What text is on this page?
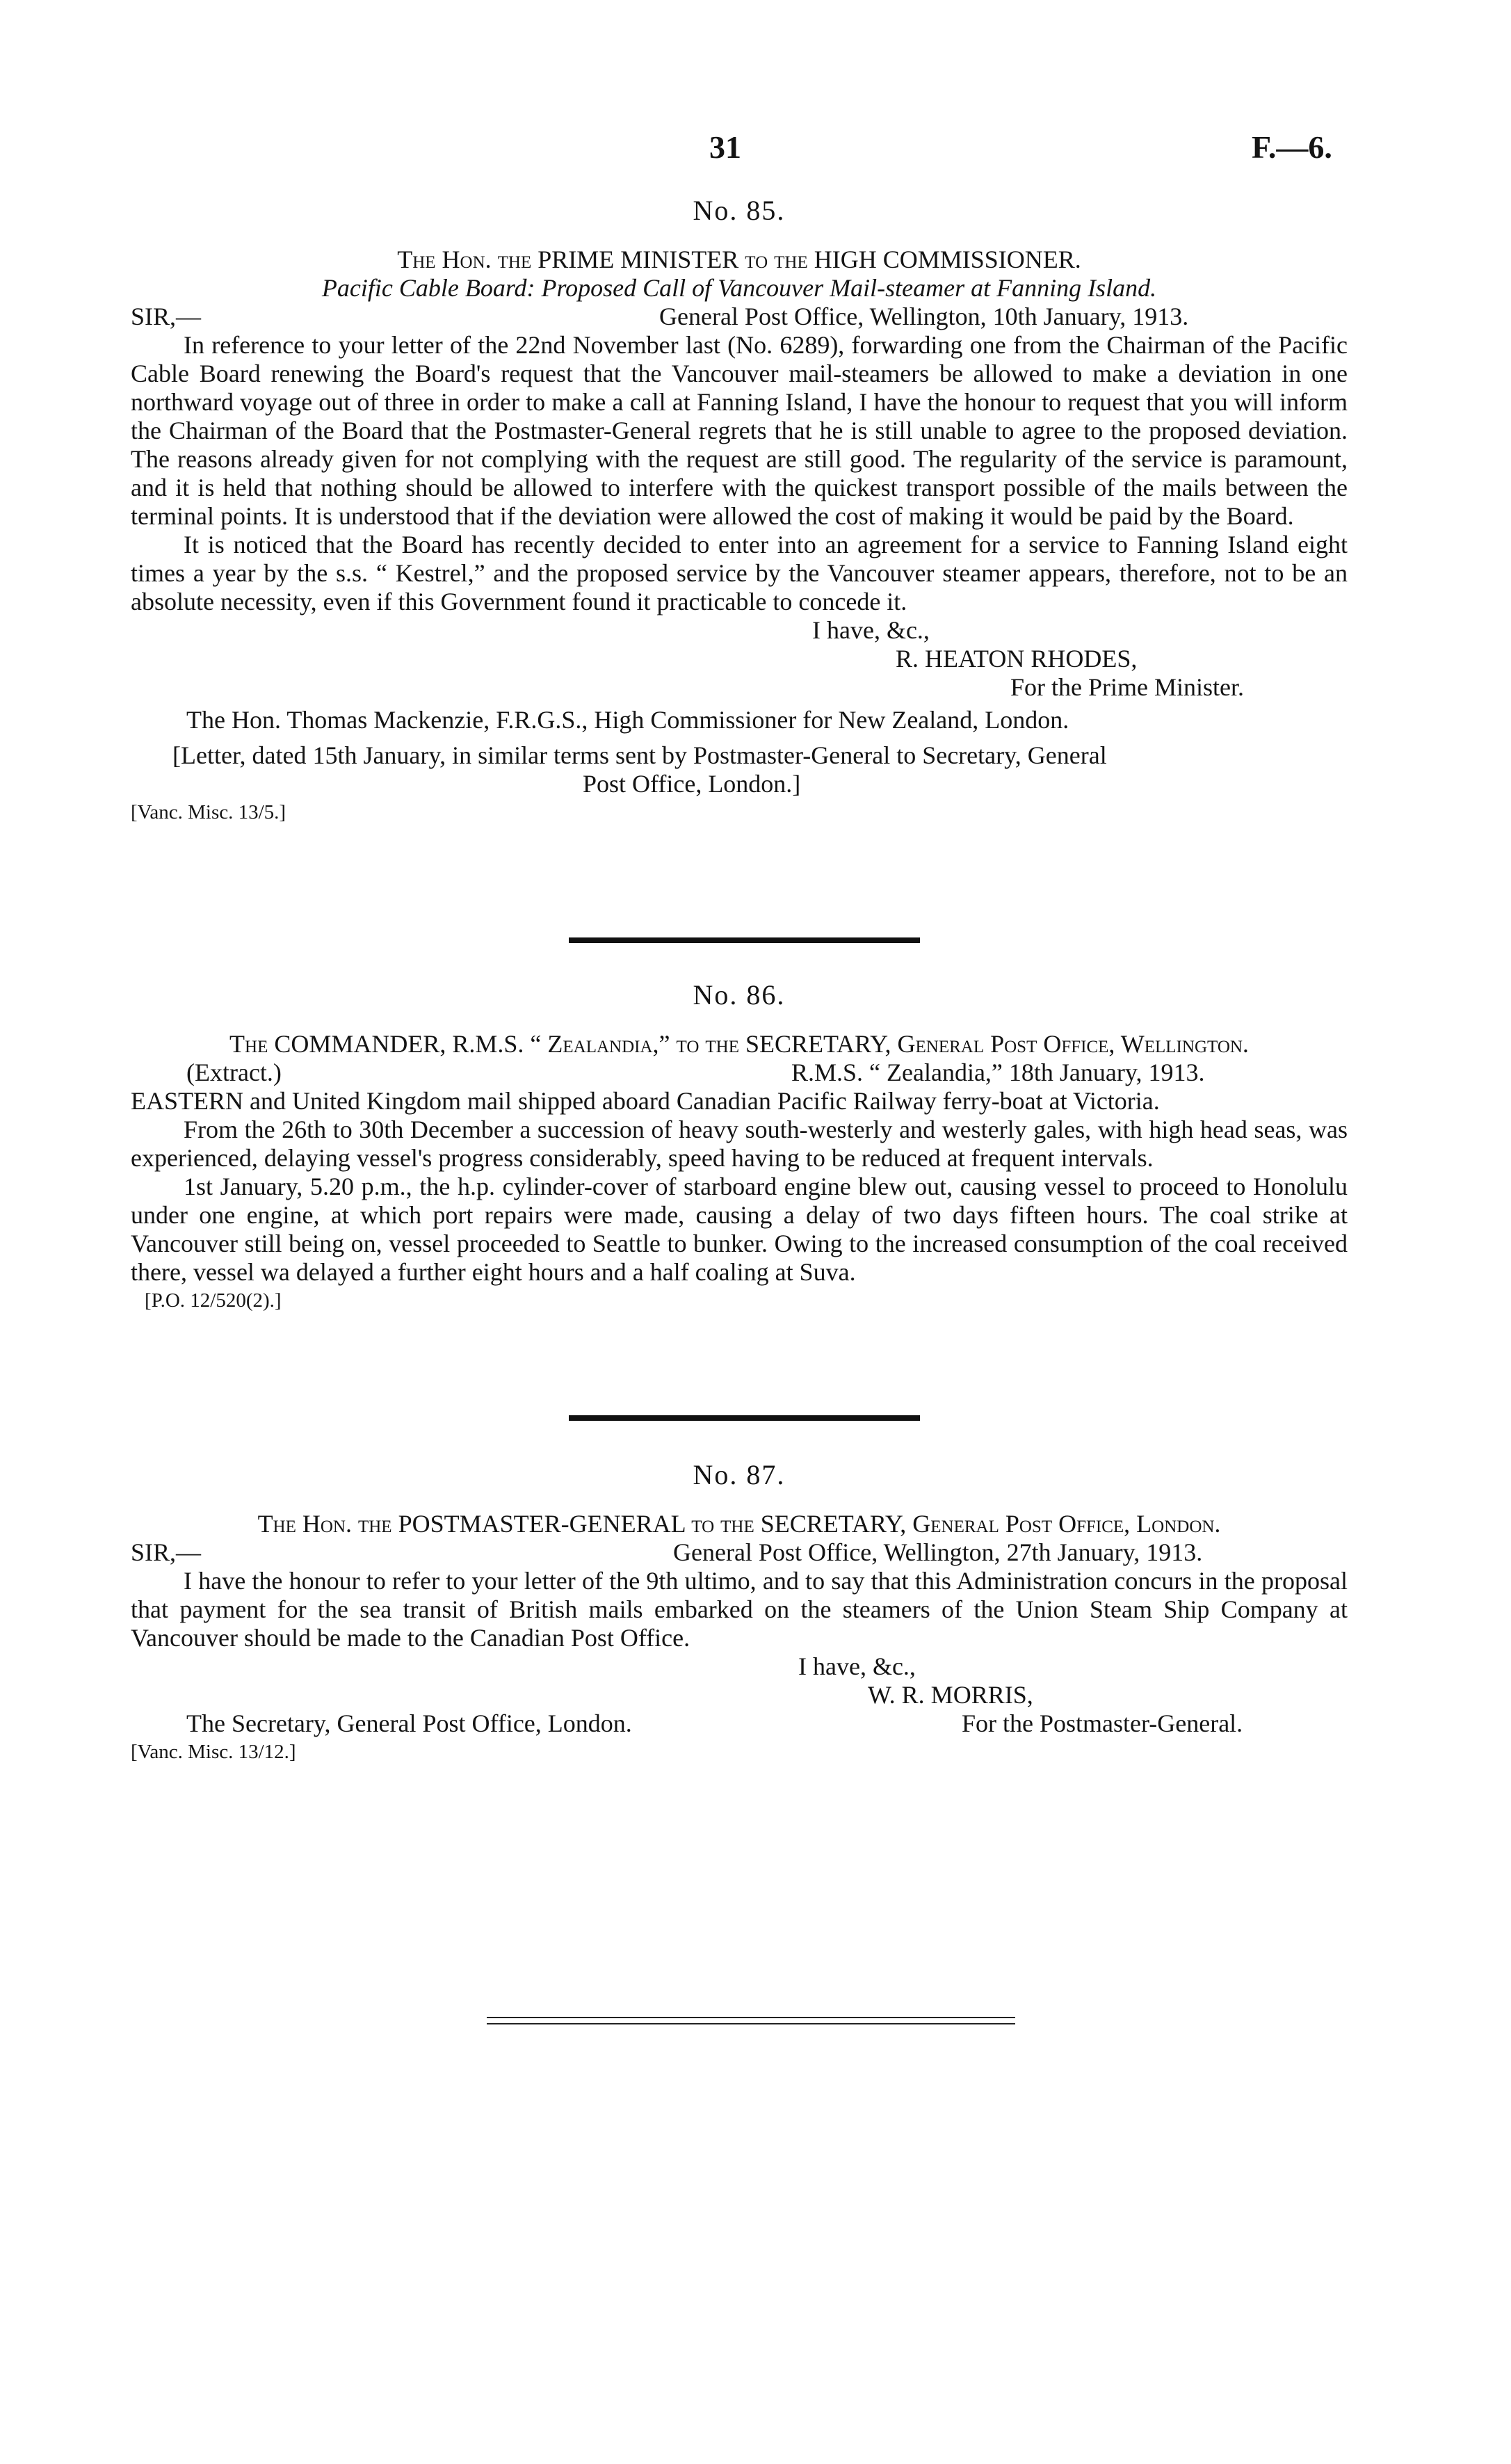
31	F.—6.
No. 85.
The Hon. the PRIME MINISTER to the HIGH COMMISSIONER.
Pacific Cable Board: Proposed Call of Vancouver Mail-steamer at Fanning Island.
SIR,—	General Post Office, Wellington, 10th January, 1913.

In reference to your letter of the 22nd November last (No. 6289), forwarding one from the Chairman of the Pacific Cable Board renewing the Board's request that the Vancouver mail-steamers be allowed to make a deviation in one northward voyage out of three in order to make a call at Fanning Island, I have the honour to request that you will inform the Chairman of the Board that the Postmaster-General regrets that he is still unable to agree to the proposed deviation. The reasons already given for not complying with the request are still good. The regularity of the service is paramount, and it is held that nothing should be allowed to interfere with the quickest transport possible of the mails between the terminal points. It is understood that if the deviation were allowed the cost of making it would be paid by the Board.

It is noticed that the Board has recently decided to enter into an agreement for a service to Fanning Island eight times a year by the s.s. “ Kestrel,” and the proposed service by the Vancouver steamer appears, therefore, not to be an absolute necessity, even if this Government found it practicable to concede it.

I have, &c.,
R. HEATON RHODES,
For the Prime Minister.
The Hon. Thomas Mackenzie, F.R.G.S., High Commissioner for New Zealand, London.
[Letter, dated 15th January, in similar terms sent by Postmaster-General to Secretary, General
Post Office, London.]
[Vanc. Misc. 13/5.]
No. 86.
The COMMANDER, R.M.S. “ Zealandia,” to the SECRETARY, General Post Office, Wellington.
(Extract.)	R.M.S. “ Zealandia,” 18th January, 1913.

EASTERN and United Kingdom mail shipped aboard Canadian Pacific Railway ferry-boat at Victoria.

From the 26th to 30th December a succession of heavy south-westerly and westerly gales, with high head seas, was experienced, delaying vessel's progress considerably, speed having to be reduced at frequent intervals.

1st January, 5.20 p.m., the h.p. cylinder-cover of starboard engine blew out, causing vessel to proceed to Honolulu under one engine, at which port repairs were made, causing a delay of two days fifteen hours. The coal strike at Vancouver still being on, vessel proceeded to Seattle to bunker. Owing to the increased consumption of the coal received there, vessel wa delayed a further eight hours and a half coaling at Suva.

[P.O. 12/520(2).]
No. 87.
The Hon. the POSTMASTER-GENERAL to the SECRETARY, General Post Office, London.
SIR,—	General Post Office, Wellington, 27th January, 1913.

I have the honour to refer to your letter of the 9th ultimo, and to say that this Administration concurs in the proposal that payment for the sea transit of British mails embarked on the steamers of the Union Steam Ship Company at Vancouver should be made to the Canadian Post Office.

I have, &c.,
W. R. MORRIS,
The Secretary, General Post Office, London.	For the Postmaster-General.
[Vanc. Misc. 13/12.]
